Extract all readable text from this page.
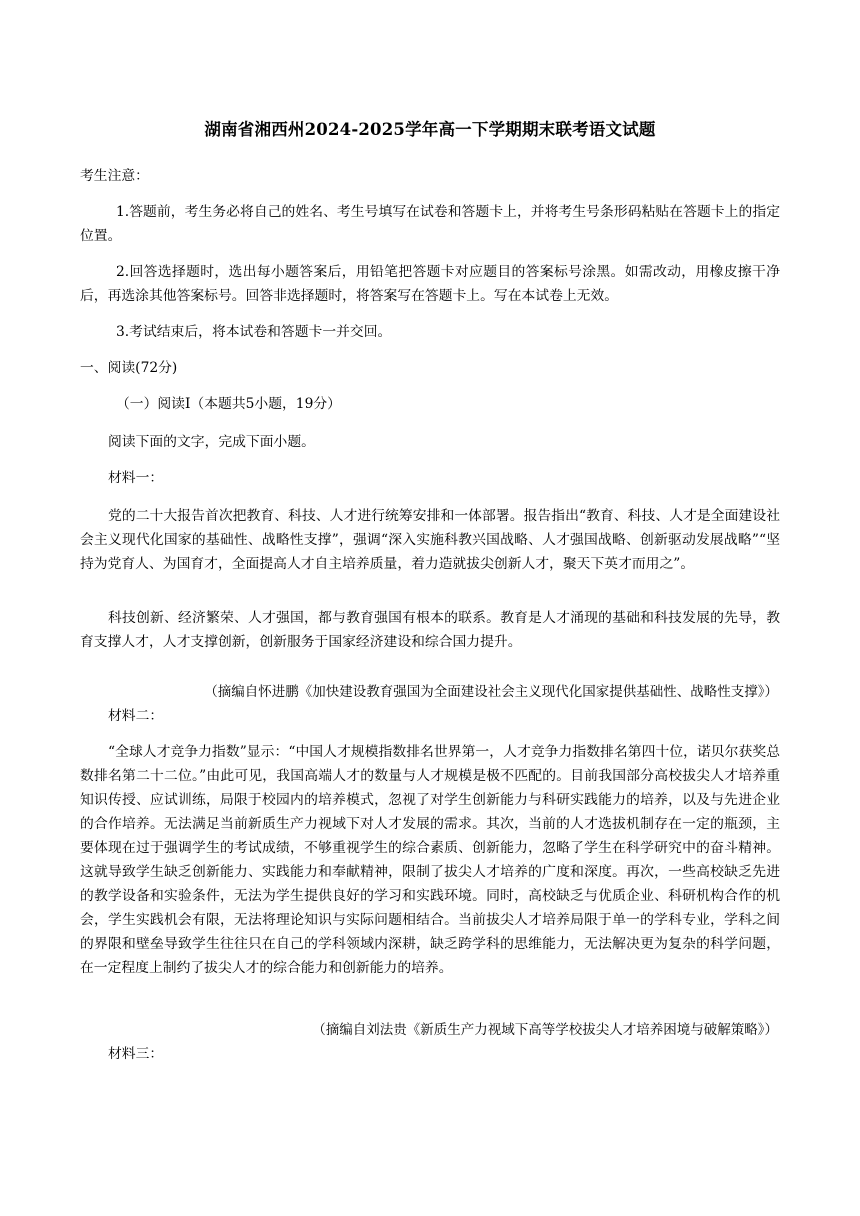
湖南省湘西州2024-2025学年高一下学期期末联考语文试题

考生注意：

1.答题前，考生务必将自己的姓名、考生号填写在试卷和答题卡上，并将考生号条形码粘贴在答题卡上的指定位置。

2.回答选择题时，选出每小题答案后，用铅笔把答题卡对应题目的答案标号涂黑。如需改动，用橡皮擦干净后，再选涂其他答案标号。回答非选择题时，将答案写在答题卡上。写在本试卷上无效。

3.考试结束后，将本试卷和答题卡一并交回。

一、阅读(72分)

（一）阅读Ⅰ（本题共5小题，19分）

阅读下面的文字，完成下面小题。

材料一：

党的二十大报告首次把教育、科技、人才进行统筹安排和一体部署。报告指出“教育、科技、人才是全面建设社会主义现代化国家的基础性、战略性支撑”，强调“深入实施科教兴国战略、人才强国战略、创新驱动发展战略”“坚持为党育人、为国育才，全面提高人才自主培养质量，着力造就拔尖创新人才，聚天下英才而用之”。

科技创新、经济繁荣、人才强国，都与教育强国有根本的联系。教育是人才涌现的基础和科技发展的先导，教育支撑人才，人才支撑创新，创新服务于国家经济建设和综合国力提升。

（摘编自怀进鹏《加快建设教育强国为全面建设社会主义现代化国家提供基础性、战略性支撑》）

材料二：

“全球人才竞争力指数”显示：“中国人才规模指数排名世界第一，人才竞争力指数排名第四十位，诺贝尔获奖总数排名第二十二位。”由此可见，我国高端人才的数量与人才规模是极不匹配的。目前我国部分高校拔尖人才培养重知识传授、应试训练，局限于校园内的培养模式，忽视了对学生创新能力与科研实践能力的培养，以及与先进企业的合作培养。无法满足当前新质生产力视域下对人才发展的需求。其次，当前的人才选拔机制存在一定的瓶颈，主要体现在过于强调学生的考试成绩，不够重视学生的综合素质、创新能力，忽略了学生在科学研究中的奋斗精神。这就导致学生缺乏创新能力、实践能力和奉献精神，限制了拔尖人才培养的广度和深度。再次，一些高校缺乏先进的教学设备和实验条件，无法为学生提供良好的学习和实践环境。同时，高校缺乏与优质企业、科研机构合作的机会，学生实践机会有限，无法将理论知识与实际问题相结合。当前拔尖人才培养局限于单一的学科专业，学科之间的界限和壁垒导致学生往往只在自己的学科领域内深耕，缺乏跨学科的思维能力，无法解决更为复杂的科学问题，在一定程度上制约了拔尖人才的综合能力和创新能力的培养。

（摘编自刘法贵《新质生产力视域下高等学校拔尖人才培养困境与破解策略》）

材料三：
